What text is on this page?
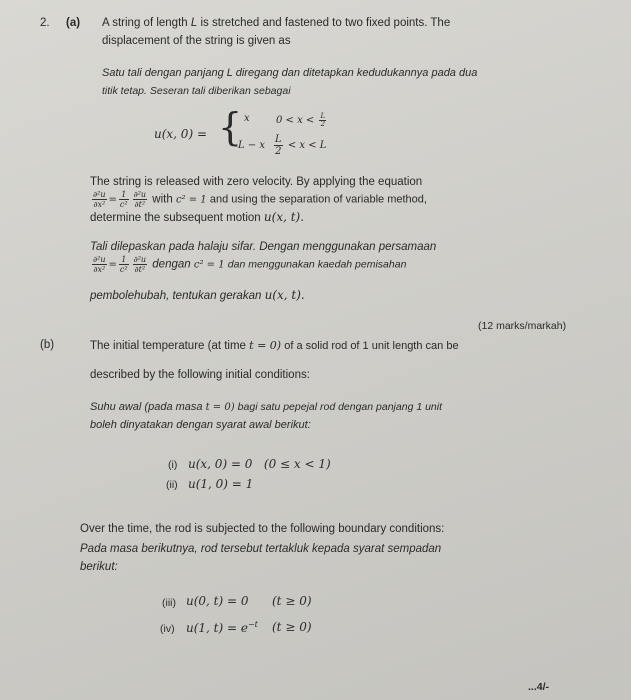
2. (a) A string of length L is stretched and fastened to two fixed points. The
displacement of the string is given as
Satu tali dengan panjang L diregang dan ditetapkan kedudukannya pada dua
titik tetap. Seseran tali diberikan sebagai
u(x, 0) = { x	$0 < x < \frac{L}{2}$
L − x $\frac{L}{2} < x < L$
The string is released with zero velocity. By applying the equation
$\frac{\text{∂²u}}{\text{∂x²}} = \frac{1}{\text{c²}} \frac{\text{∂²u}}{\text{∂t²}}$ with c² = 1 and using the separation of variable method,
determine the subsequent motion u(x, t).
Tali dilepaskan pada halaju sifar. Dengan menggunakan persamaan
$\frac{\text{∂²u}}{\text{∂x²}} = \frac{1}{\text{c²}} \frac{\text{∂²u}}{\text{∂t²}}$ dengan c² = 1 dan menggunakan kaedah pemisahan
pembolehubah, tentukan gerakan u(x, t).
(12 marks/markah)
(b)	The initial temperature (at time t = 0) of a solid rod of 1 unit length can be
described by the following initial conditions:
Suhu awal (pada masa t = 0) bagi satu pepejal rod dengan panjang 1 unit
boleh dinyatakan dengan syarat awal berikut:
(i) u(x, 0) = 0   (0 ≤ x < 1)
(ii) u(1, 0) = 1
Over the time, the rod is subjected to the following boundary conditions:
Pada masa berikutnya, rod tersebut tertakluk kepada syarat sempadan
berikut:
(iii) u(0, t) = 0 (t ≥ 0)
(iv) u(1, $t) = e^{-t}$ (t ≥ 0)
...4/-
